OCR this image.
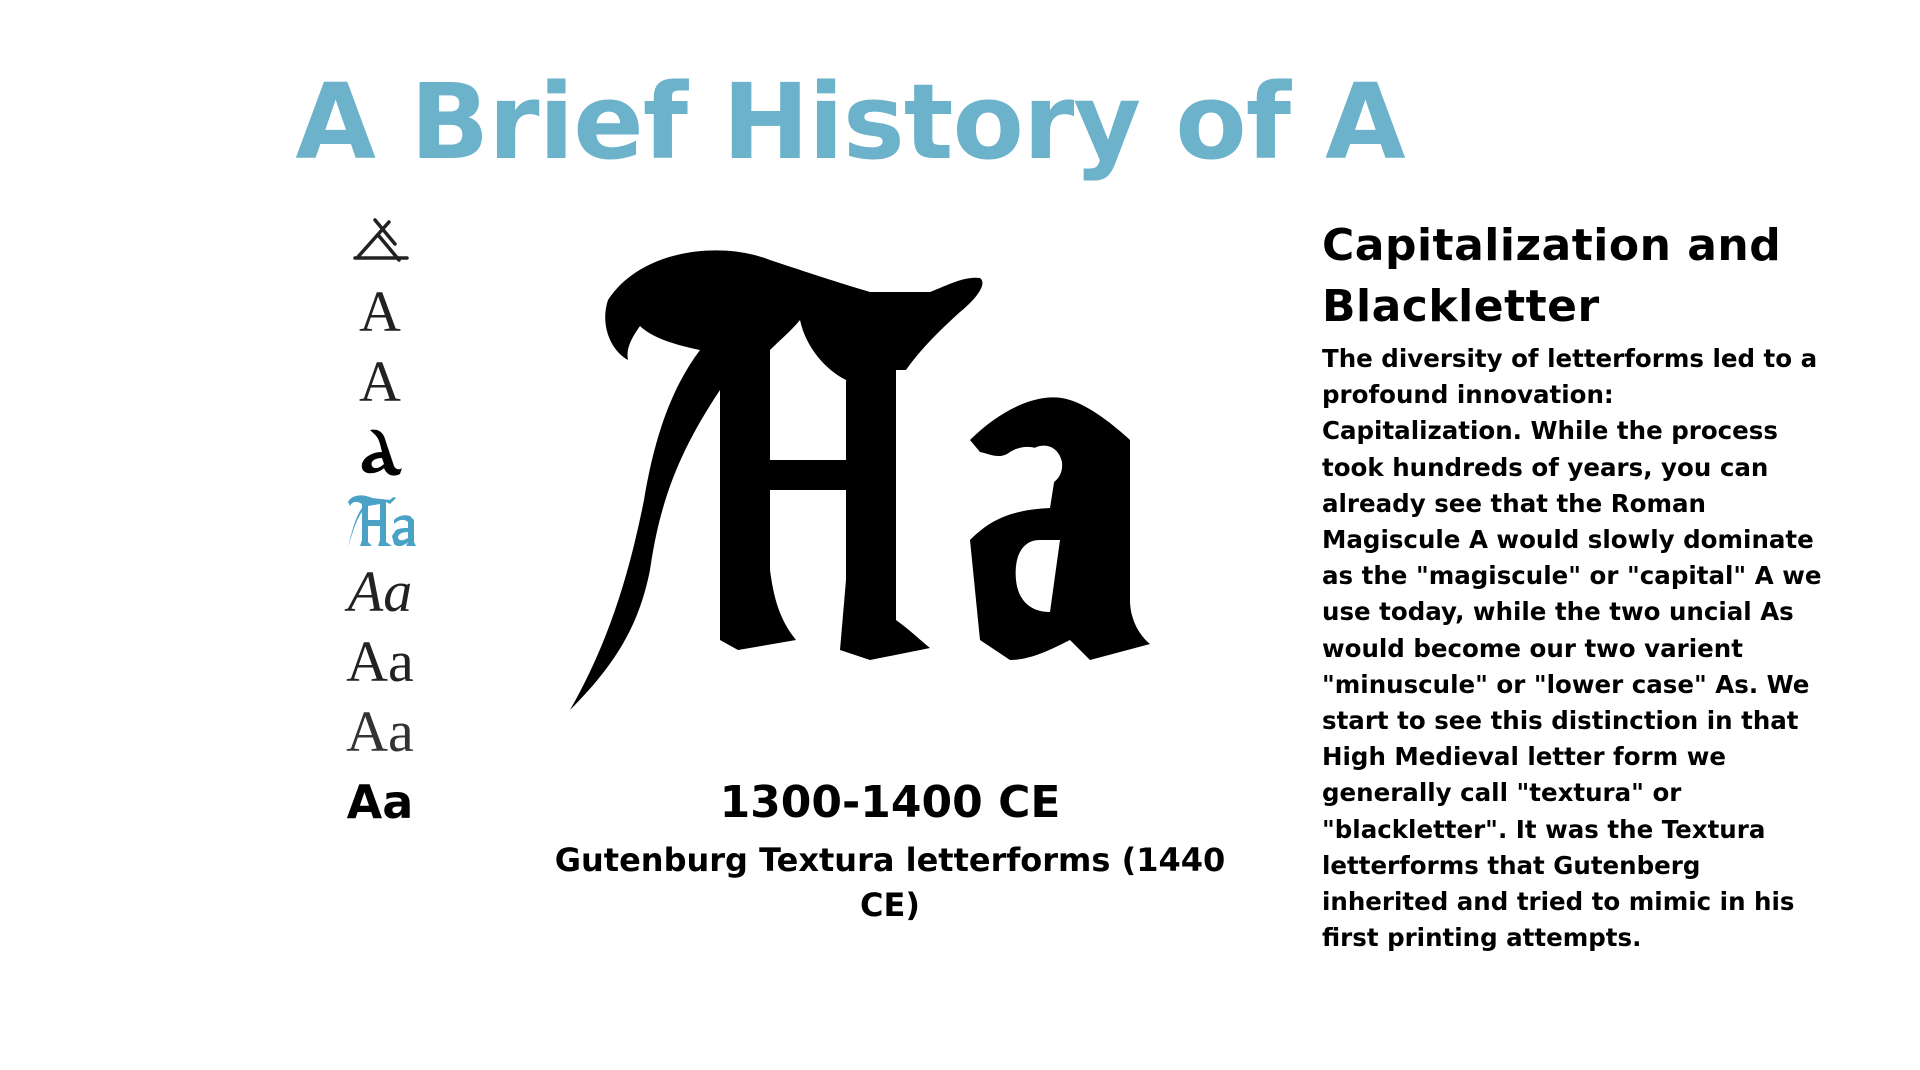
A Brief History of A
A
A
Aa
Aa
Aa
Aa	1300-1400 CE
Gutenburg Textura letterforms (1440 CE)
Capitalization and Blackletter

The diversity of letterforms led to a profound innovation: Capitalization. While the process took hundreds of years, you can already see that the Roman Magiscule A would slowly dominate as the "magiscule" or "capital" A we use today, while the two uncial As would become our two varient "minuscule" or "lower case" As. We start to see this distinction in that High Medieval letter form we generally call "textura" or "blackletter". It was the Textura letterforms that Gutenberg inherited and tried to mimic in his first printing attempts.
